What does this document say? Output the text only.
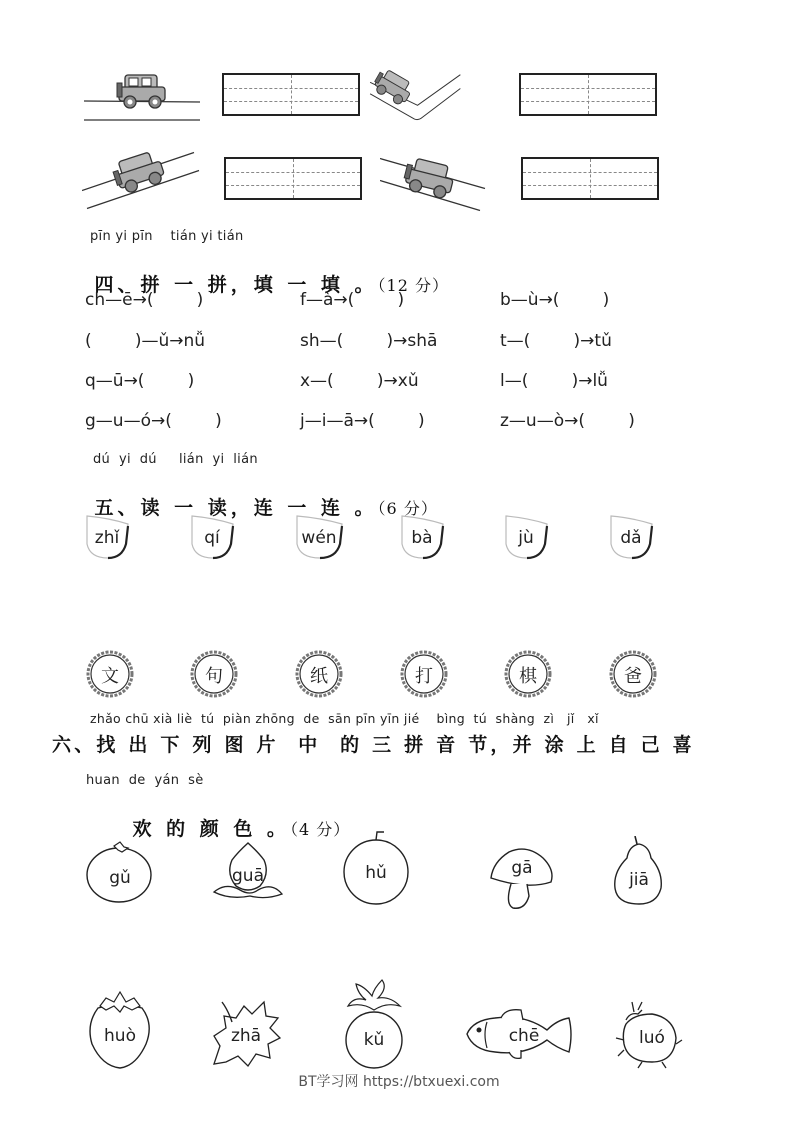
pīn yi pīn    tián yi tián

四、拼 一 拼，填 一 填 。（12 分）

ch—ē→(        )	f—à→(        )	b—ù→(        )
(        )—ǔ→nǚ	sh—(        )→shā	t—(        )→tǔ
q—ū→(        )	x—(        )→xǔ	l—(        )→lǚ
g—u—ó→(        )	j—i—ā→(        )	z—u—ò→(        )
dú  yi  dú     lián  yi  lián

五、读 一 读，连 一 连 。（6 分）

zhǐ	qí	wén	bà	jù	dǎ
文	句	纸	打	棋	爸
zhǎo chū xià liè  tú  piàn zhōng  de  sān pīn yīn jié    bìng  tú  shàng  zì   jǐ   xǐ
六、找 出 下 列 图 片  中  的 三 拼 音 节，并 涂 上 自 己 喜
huan  de  yán  sè

欢 的 颜 色 。（4 分）

gǔ	guā	hǔ	gā
jiā
huò	zhā	kǔ	chē	luó
BT学习网 https://btxuexi.com
